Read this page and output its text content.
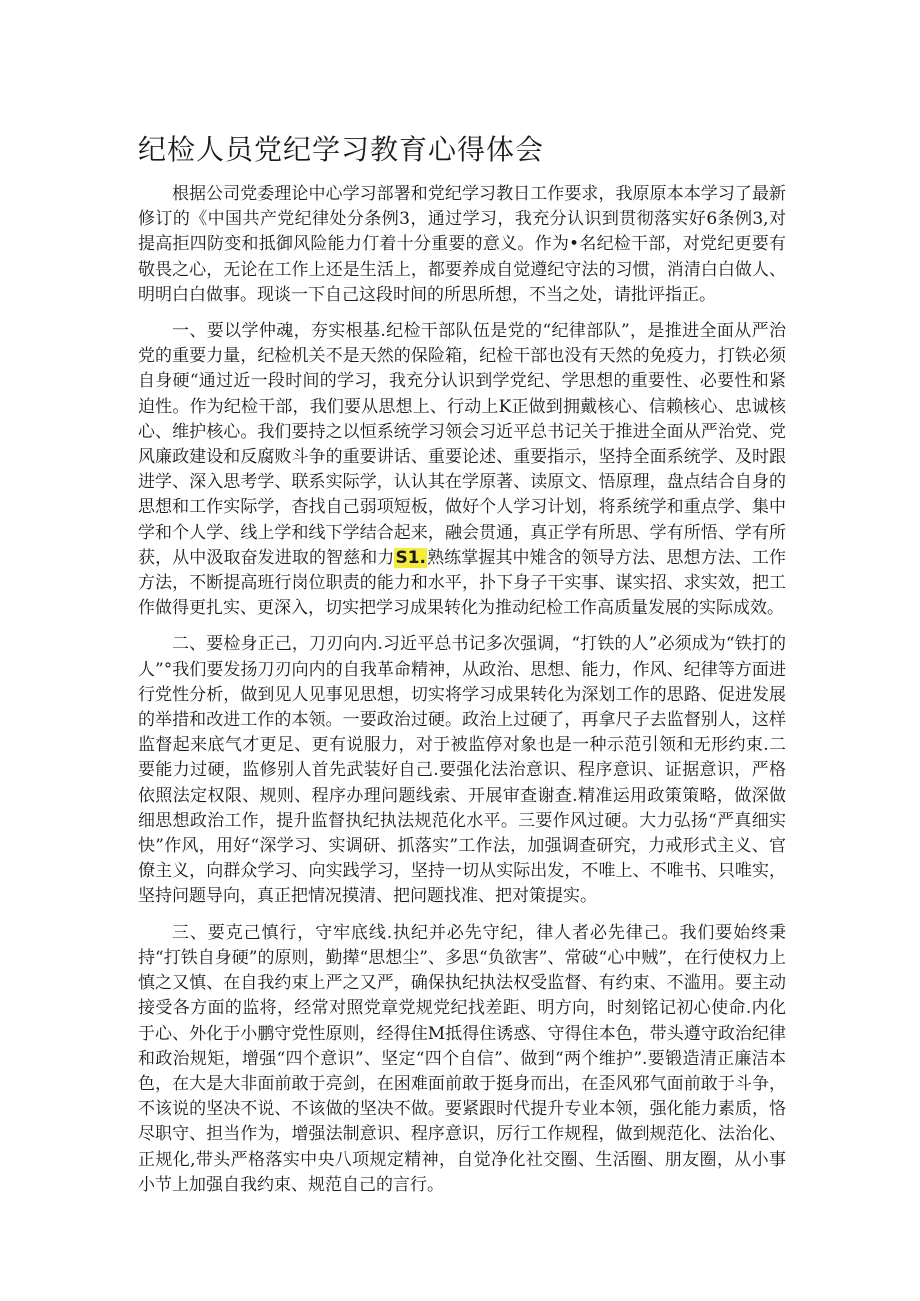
纪检人员党纪学习教育心得体会

根据公司党委理论中心学习部署和党纪学习教日工作要求，我原原本本学习了最新修订的《中国共产党纪律处分条例3，通过学习，我充分认识到贯彻落实好6条例3,对提高拒四防变和抵御风险能力仃着十分重要的意义。作为•名纪检干部，对党纪更要有敬畏之心，无论在工作上还是生活上，都要养成自觉遵纪守法的习惯，消清白白做人、明明白白做事。现谈一下自己这段时间的所思所想，不当之处，请批评指正。

一、要以学仲魂，夯实根基.纪检干部队伍是党的“纪律部队”，是推进全面从严治党的重要力量，纪检机关不是天然的保险箱，纪检干部也没有天然的免疫力，打铁必须自身硬“通过近一段时间的学习，我充分认识到学党纪、学思想的重要性、必要性和紧迫性。作为纪检干部，我们要从思想上、行动上K正做到拥戴核心、信赖核心、忠诚核心、维护核心。我们要持之以恒系统学习领会习近平总书记关于推进全面从严治党、党风廉政建设和反腐败斗争的重要讲话、重要论述、重要指示，坚持全面系统学、及时跟进学、深入思考学、联系实际学，认认其在学原著、读原文、悟原理，盘点结合自身的思想和工作实际学，杳找自己弱项短板，做好个人学习计划，将系统学和重点学、集中学和个人学、线上学和线下学结合起来，融会贯通，真正学有所思、学有所悟、学有所获，从中汲取奋发进取的智慈和力S1.熟练掌握其中雉含的领导方法、思想方法、工作方法，不断提高班行岗位职责的能力和水平，扑下身子干实事、谋实招、求实效，把工作做得更扎实、更深入，切实把学习成果转化为推动纪检工作高质量发展的实际成效。

二、要检身正己，刀刃向内.习近平总书记多次强调，“打铁的人”必须成为“铁打的人”°我们要发扬刀刃向内的自我革命精神，从政治、思想、能力，作风、纪律等方面进行党性分析，做到见人见事见思想，切实将学习成果转化为深划工作的思路、促进发展的举措和改进工作的本领。一要政治过硬。政治上过硬了，再拿尺子去监督别人，这样监督起来底气才更足、更有说服力，对于被监停对象也是一种示范引领和无形约束.二要能力过硬，监修别人首先武装好自己.要强化法治意识、程序意识、证据意识，严格依照法定权限、规则、程序办理问题线索、开展审查谢查.精准运用政策策略，做深做细思想政治工作，提升监督执纪执法规范化水平。三要作风过硬。大力弘扬“严真细实快”作风，用好“深学习、实调研、抓落实”工作法，加强调查研究，力戒形式主义、官僚主义，向群众学习、向实践学习，坚持一切从实际出发，不唯上、不唯书、只唯实，坚持问题导向，真正把情况摸清、把问题找准、把对策提实。

三、要克己慎行，守牢底线.执纪并必先守纪，律人者必先律己。我们要始终秉持“打铁自身硬”的原则，勤撵“思想尘”、多思“负欲害”、常破“心中贼”，在行使权力上慎之又慎、在自我约束上严之又严，确保执纪执法权受监督、有约束、不滥用。要主动接受各方面的监将，经常对照党章党规党纪找差距、明方向，时刻铭记初心使命.内化于心、外化于小鹏守党性原则，经得住M抵得住诱惑、守得住本色，带头遵守政治纪律和政治规矩，增强“四个意识”、坚定“四个自信”、做到“两个维护”.要锻造清正廉洁本色，在大是大非面前敢于亮剑，在困难面前敢于挺身而出，在歪风邪气面前敢于斗争，不该说的坚决不说、不该做的坚决不做。要紧跟时代提升专业本领，强化能力素质，恪尽职守、担当作为，增强法制意识、程序意识，厉行工作规程，做到规范化、法治化、正规化,带头严格落实中央八项规定精神，自觉净化社交圈、生活圈、朋友圈，从小事小节上加强自我约束、规范自己的言行。
